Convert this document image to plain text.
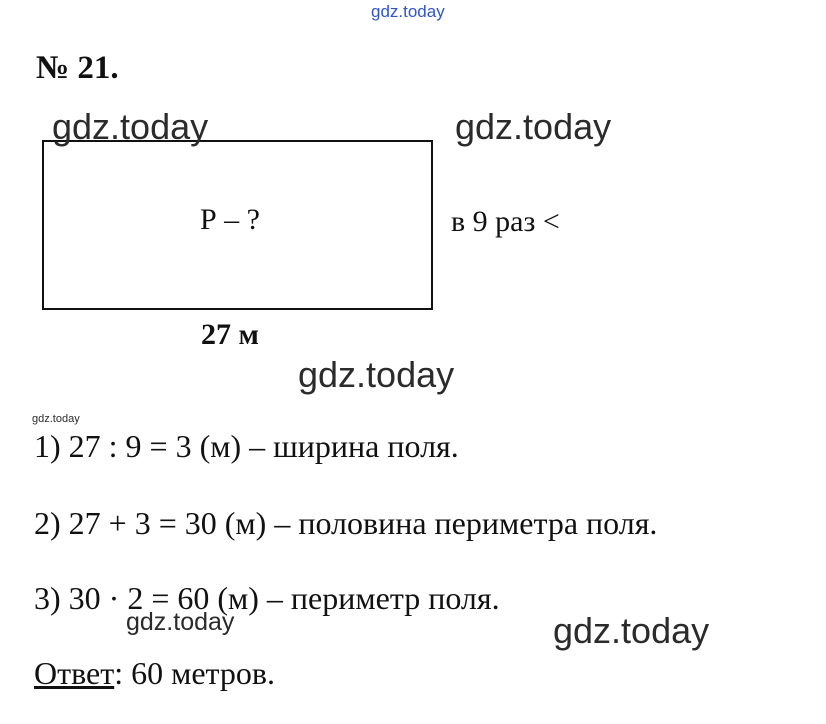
gdz.today
№ 21.
Р – ?	в 9 раз <
27 м
gdz.today	gdz.today
gdz.today
gdz.today
1) 27 : 9 = 3 (м) – ширина поля.
2) 27 + 3 = 30 (м) – половина периметра поля.
3) 30 · 2 = 60 (м) – периметр поля.
gdz.today	gdz.today
Ответ: 60 метров.
